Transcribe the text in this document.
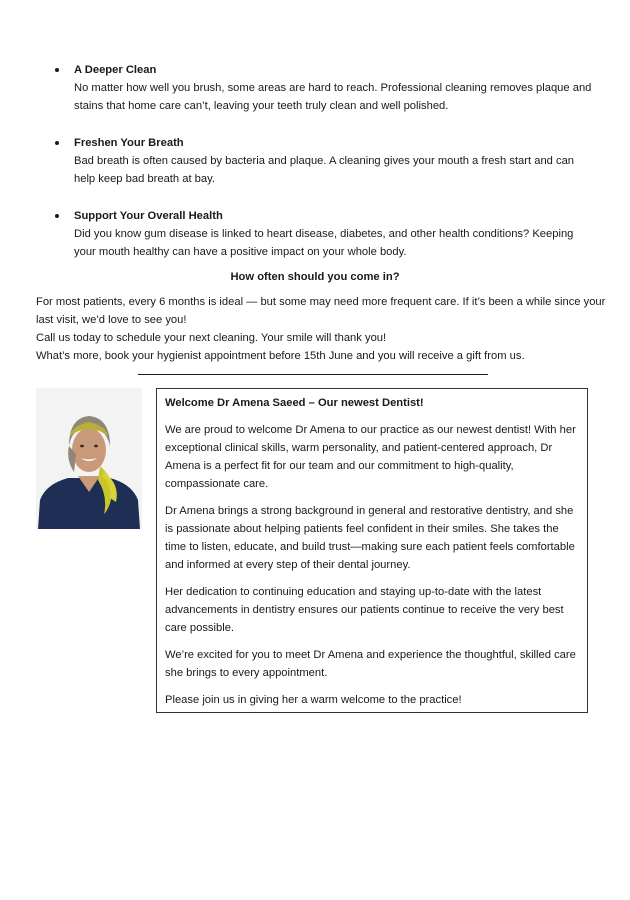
A Deeper Clean
No matter how well you brush, some areas are hard to reach. Professional cleaning removes plaque and stains that home care can’t, leaving your teeth truly clean and well polished.
Freshen Your Breath
Bad breath is often caused by bacteria and plaque. A cleaning gives your mouth a fresh start and can help keep bad breath at bay.
Support Your Overall Health
Did you know gum disease is linked to heart disease, diabetes, and other health conditions? Keeping your mouth healthy can have a positive impact on your whole body.
How often should you come in?
For most patients, every 6 months is ideal — but some may need more frequent care. If it’s been a while since your last visit, we’d love to see you!
Call us today to schedule your next cleaning. Your smile will thank you!
What’s more, book your hygienist appointment before 15th June and you will receive a gift from us.
Welcome Dr Amena Saeed – Our newest Dentist!

We are proud to welcome Dr Amena to our practice as our newest dentist! With her exceptional clinical skills, warm personality, and patient-centered approach, Dr Amena is a perfect fit for our team and our commitment to high-quality, compassionate care.

Dr Amena brings a strong background in general and restorative dentistry, and she is passionate about helping patients feel confident in their smiles. She takes the time to listen, educate, and build trust—making sure each patient feels comfortable and informed at every step of their dental journey.

Her dedication to continuing education and staying up-to-date with the latest advancements in dentistry ensures our patients continue to receive the very best care possible.

We’re excited for you to meet Dr Amena and experience the thoughtful, skilled care she brings to every appointment.

Please join us in giving her a warm welcome to the practice!
